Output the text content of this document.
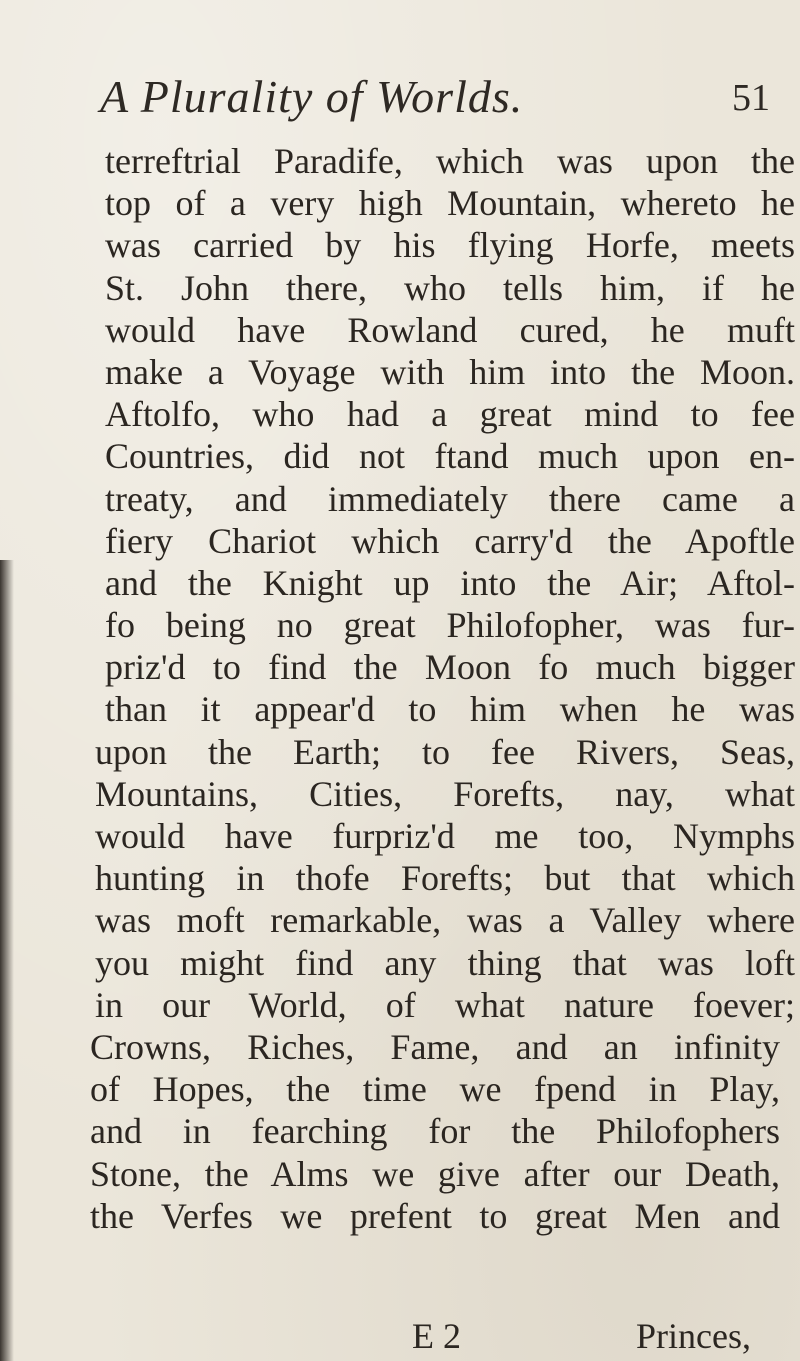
A Plurality of Worlds.	51
terreftrial Paradife, which was upon the
top of a very high Mountain, whereto he
was carried by his flying Horfe, meets
St. John there, who tells him, if he
would have Rowland cured, he muft
make a Voyage with him into the Moon.
Aftolfo, who had a great mind to fee
Countries, did not ftand much upon en-
treaty, and immediately there came a
fiery Chariot which carry'd the Apoftle
and the Knight up into the Air; Aftol-
fo being no great Philofopher, was fur-
priz'd to find the Moon fo much bigger
than it appear'd to him when he was
upon the Earth; to fee Rivers, Seas,
Mountains, Cities, Forefts, nay, what
would have furpriz'd me too, Nymphs
hunting in thofe Forefts; but that which
was moft remarkable, was a Valley where
you might find any thing that was loft
in our World, of what nature foever;
Crowns, Riches, Fame, and an infinity
of Hopes, the time we fpend in Play,
and in fearching for the Philofophers
Stone, the Alms we give after our Death,
the Verfes we prefent to great Men and
E 2	Princes,
